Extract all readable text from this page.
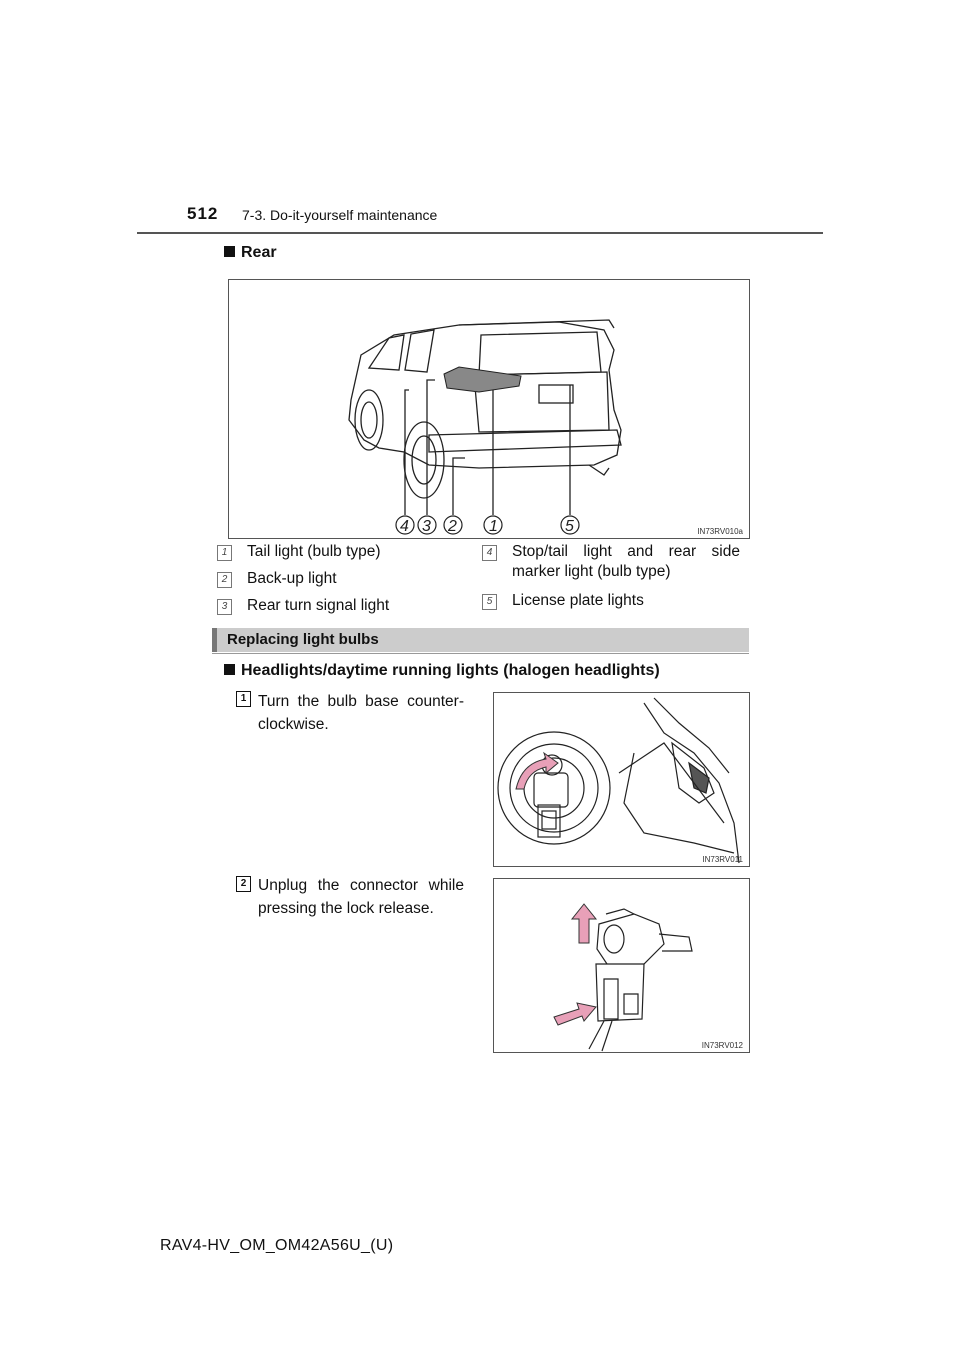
512 7-3. Do-it-yourself maintenance
Rear
4 3 2 1	5	IN73RV010a
1	Tail light (bulb type)
2	Back-up light
3	Rear turn signal light
4	Stop/tail light and rear side marker light (bulb type)
5	License plate lights
Replacing light bulbs
Headlights/daytime running lights (halogen headlights)
1 Turn the bulb base counter-clockwise.
IN73RV011
2 Unplug the connector while pressing the lock release.
IN73RV012
RAV4-HV_OM_OM42A56U_(U)
